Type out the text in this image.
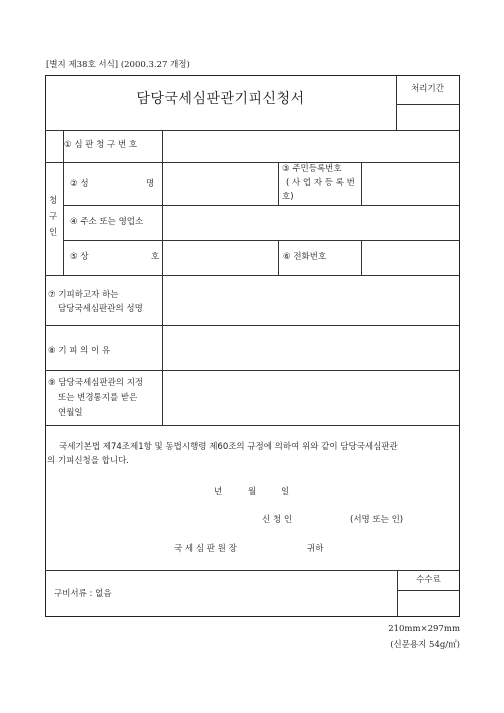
[별지 제38호 서식] (2000.3.27 개정)
담당국세심판관기피신청서
처리기간
① 심 판 청 구 번 호
청
구
인
② 성	명
③ 주민등록번호
( 사 업 자 등 록 번
호)
④ 주소 또는 영업소
⑤ 상	호	⑥ 전화번호
⑦ 기피하고자 하는
담당국세심판관의 성명
⑧ 기 피 의 이 유
⑨ 담당국세심판관의 지정
또는 변경통지를 받은
연월일
국세기본법 제74조제1항 및 동법시행령 제60조의 규정에 의하여 위와 같이 담당국세심판관
의 기피신청을 합니다.
년	월	일
신 청 인	(서명 또는 인)
국 세 심 판 원 장	귀하
구비서류 : 없음
수수료
210mm×297mm
(신문용지 54g/㎡)
